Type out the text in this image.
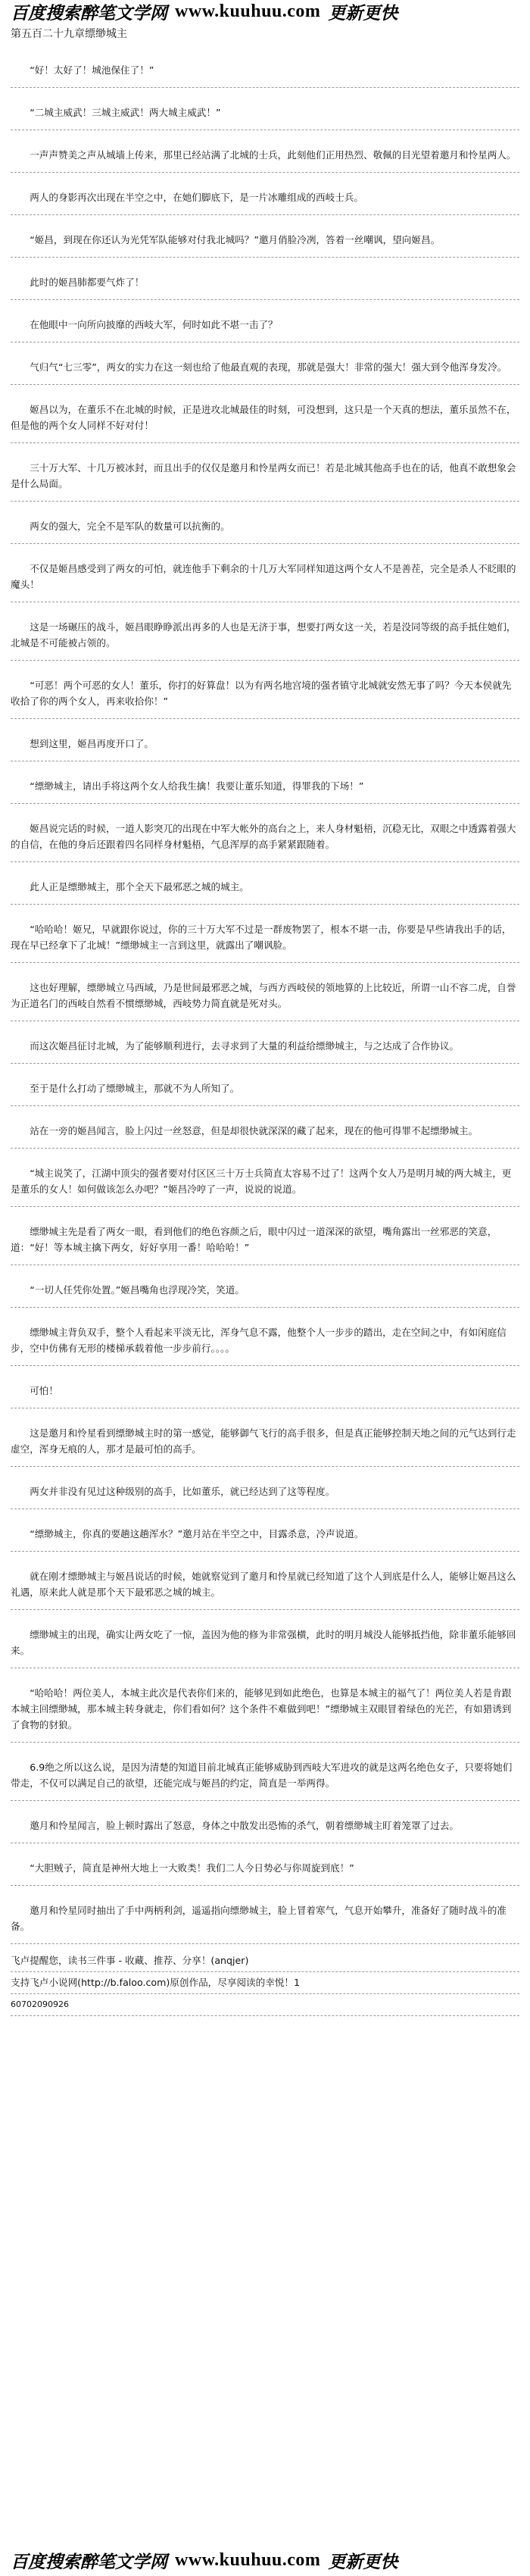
百度搜索 醉笔文学网 www.kuuhuu.com 更新更快
第五百二十九章缥缈城主
“好！太好了！城池保住了！”
“二城主威武！三城主威武！两大城主威武！”
一声声赞美之声从城墙上传来，那里已经站满了北城的士兵，此刻他们正用热烈、敬佩的目光望着邀月和怜星两人。
两人的身影再次出现在半空之中，在她们脚底下，是一片冰雕组成的西岐士兵。
“姬昌，到现在你还认为光凭军队能够对付我北城吗？”邀月俏脸冷冽，答着一丝嘲讽，望向姬昌。
此时的姬昌肺都要气炸了！
在他眼中一向所向披靡的西岐大军，何时如此不堪一击了？
气归气“七三零”，两女的实力在这一刻也给了他最直观的表现，那就是强大！非常的强大！强大到令他浑身发冷。
姬昌以为，在董乐不在北城的时候，正是进攻北城最佳的时刻，可没想到，这只是一个天真的想法，董乐虽然不在，但是他的两个女人同样不好对付！
三十万大军、十几万被冰封，而且出手的仅仅是邀月和怜星两女而已！若是北城其他高手也在的话，他真不敢想象会是什么局面。
两女的强大，完全不是军队的数量可以抗衡的。
不仅是姬昌感受到了两女的可怕，就连他手下剩余的十几万大军同样知道这两个女人不是善茬，完全是杀人不眨眼的魔头！
这是一场碾压的战斗，姬昌眼睁睁派出再多的人也是无济于事，想要打两女这一关，若是没同等级的高手抵住她们，北城是不可能被占领的。
“可恶！两个可恶的女人！董乐，你打的好算盘！以为有两名地宫境的强者镇守北城就安然无事了吗？今天本侯就先收拾了你的两个女人，再来收拾你！”
想到这里，姬昌再度开口了。
“缥缈城主，请出手将这两个女人给我生擒！我要让董乐知道，得罪我的下场！”
姬昌说完话的时候，一道人影突兀的出现在中军大帐外的高台之上，来人身材魁梧，沉稳无比，双眼之中透露着强大的自信，在他的身后还跟着四名同样身材魁梧，气息浑厚的高手紧紧跟随着。
此人正是缥缈城主，那个全天下最邪恶之城的城主。
“哈哈哈！姬兄，早就跟你说过，你的三十万大军不过是一群废物罢了，根本不堪一击，你要是早些请我出手的话，现在早已经拿下了北城！”缥缈城主一言到这里，就露出了嘲讽脸。
这也好理解，缥缈城立马西域，乃是世间最邪恶之城，与西方西岐侯的领地算的上比较近，所谓一山不容二虎，自誉为正道名门的西岐自然看不惯缥缈城，西岐势力简直就是死对头。
而这次姬昌征讨北城，为了能够顺利进行，去寻求到了大量的利益给缥缈城主，与之达成了合作协议。
至于是什么打动了缥缈城主，那就不为人所知了。
站在一旁的姬昌闻言，脸上闪过一丝怒意，但是却很快就深深的藏了起来，现在的他可得罪不起缥缈城主。
“城主说笑了，江湖中顶尖的强者要对付区区三十万士兵简直太容易不过了！这两个女人乃是明月城的两大城主，更是董乐的女人！如何做该怎么办吧？”姬昌冷哼了一声，说说的说道。
缥缈城主先是看了两女一眼，看到他们的绝色容颜之后，眼中闪过一道深深的欲望，嘴角露出一丝邪恶的笑意，道：“好！等本城主擒下两女，好好享用一番！哈哈哈！”
“一切人任凭你处置。”姬昌嘴角也浮现冷笑，笑道。
缥缈城主背负双手，整个人看起来平淡无比，浑身气息不露，他整个人一步步的踏出，走在空间之中，有如闲庭信步，空中仿佛有无形的楼梯承载着他一步步前行。。。。
可怕！
这是邀月和怜星看到缥缈城主时的第一感觉，能够御气飞行的高手很多，但是真正能够控制天地之间的元气达到行走虚空，浑身无痕的人，那才是最可怕的高手。
两女并非没有见过这种级别的高手，比如董乐，就已经达到了这等程度。
“缥缈城主，你真的要趟这趟浑水？”邀月站在半空之中，目露杀意，冷声说道。
就在刚才缥缈城主与姬昌说话的时候，她就察觉到了邀月和怜星就已经知道了这个人到底是什么人，能够让姬昌这么礼遇，原来此人就是那个天下最邪恶之城的城主。
缥缈城主的出现，确实让两女吃了一惊，盖因为他的修为非常强横，此时的明月城没人能够抵挡他，除非董乐能够回来。
“哈哈哈！两位美人，本城主此次是代表你们来的，能够见到如此绝色，也算是本城主的福气了！两位美人若是肯跟本城主回缥缈城，那本城主转身就走，你们看如何？这个条件不难做到吧！”缥缈城主双眼冒着绿色的光芒，有如猎诱到了食物的豺狼。
6.9绝之所以这么说，是因为清楚的知道目前北城真正能够威胁到西岐大军进攻的就是这两名绝色女子，只要将她们带走，不仅可以满足自己的欲望，还能完成与姬昌的约定，简直是一举两得。
邀月和怜星闻言，脸上顿时露出了怒意，身体之中散发出恐怖的杀气，朝着缥缈城主盯着笼罩了过去。
“大胆贼子，简直是神州大地上一大败类！我们二人今日势必与你周旋到底！”
邀月和怜星同时抽出了手中两柄利剑，遥遥指向缥缈城主，脸上冒着寒气，气息开始攀升，准备好了随时战斗的准备。
飞卢提醒您，读书三件事 - 收藏、推荐、分享！(anqjer)
支持飞卢小说网(http://b.faloo.com)原创作品，尽享阅读的幸悦！1
60702090926
百度搜索 醉笔文学网 www.kuuhuu.com 更新更快
